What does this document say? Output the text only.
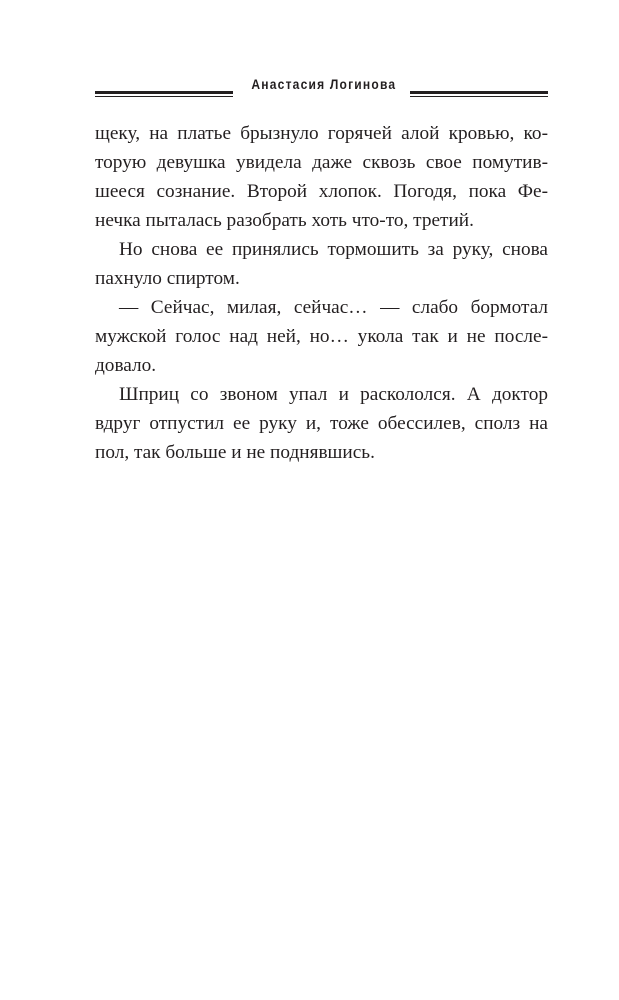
Анастасия Логинова

щеку, на платье брызнуло горячей алой кровью, ко-
торую девушка увидела даже сквозь свое помутив-
шееся сознание. Второй хлопок. Погодя, пока Фе-
нечка пыталась разобрать хоть что-то, третий.

Но снова ее принялись тормошить за руку, снова
пахнуло спиртом.

— Сейчас, милая, сейчас… — слабо бормотал
мужской голос над ней, но… укола так и не после-
довало.

Шприц со звоном упал и раскололся. А доктор
вдруг отпустил ее руку и, тоже обессилев, сполз на
пол, так больше и не поднявшись.
